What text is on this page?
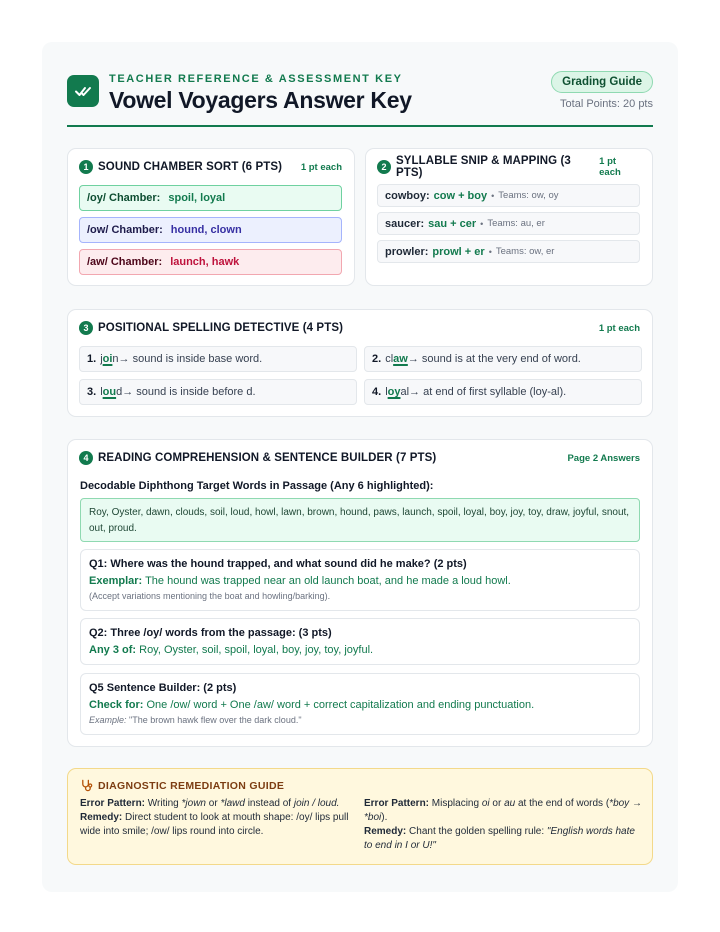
TEACHER REFERENCE & ASSESSMENT KEY
Vowel Voyagers Answer Key
Grading Guide
Total Points: 20 pts
1 SOUND CHAMBER SORT (6 PTS) 1 pt each
/oy/ Chamber: spoil, loyal
/ow/ Chamber: hound, clown
/aw/ Chamber: launch, hawk
2 SYLLABLE SNIP & MAPPING (3 PTS)
1 pt each
cowboy: cow + boy • Teams: ow, oy
saucer: sau + cer • Teams: au, er
prowler: prowl + er • Teams: ow, er
3 POSITIONAL SPELLING DETECTIVE (4 PTS)	1 pt each
1. j oi n → sound is inside base word.	2. cl aw → sound is at the very end of word.
3. l ou d → sound is inside before d.	4. l oy al → at end of first syllable (loy-al).
4 READING COMPREHENSION & SENTENCE BUILDER (7 PTS)	Page 2 Answers
Decodable Diphthong Target Words in Passage (Any 6 highlighted):
Roy, Oyster, dawn, clouds, soil, loud, howl, lawn, brown, hound, paws, launch, spoil, loyal, boy, joy, toy, draw, joyful, snout, out, proud.
Q1: Where was the hound trapped, and what sound did he make? (2 pts)
Exemplar: The hound was trapped near an old launch boat, and he made a loud howl.
(Accept variations mentioning the boat and howling/barking).
Q2: Three /oy/ words from the passage: (3 pts)
Any 3 of: Roy, Oyster, soil, spoil, loyal, boy, joy, toy, joyful.
Q5 Sentence Builder: (2 pts)
Check for: One /ow/ word + One /aw/ word + correct capitalization and ending punctuation.
Example: "The brown hawk flew over the dark cloud."
DIAGNOSTIC REMEDIATION GUIDE
Error Pattern: Writing *jown or *lawd instead of join / loud.
Remedy: Direct student to look at mouth shape: /oy/ lips pull wide into smile; /ow/ lips round into circle.
Error Pattern: Misplacing oi or au at the end of words (*boy → *boi).
Remedy: Chant the golden spelling rule: "English words hate to end in I or U!"
